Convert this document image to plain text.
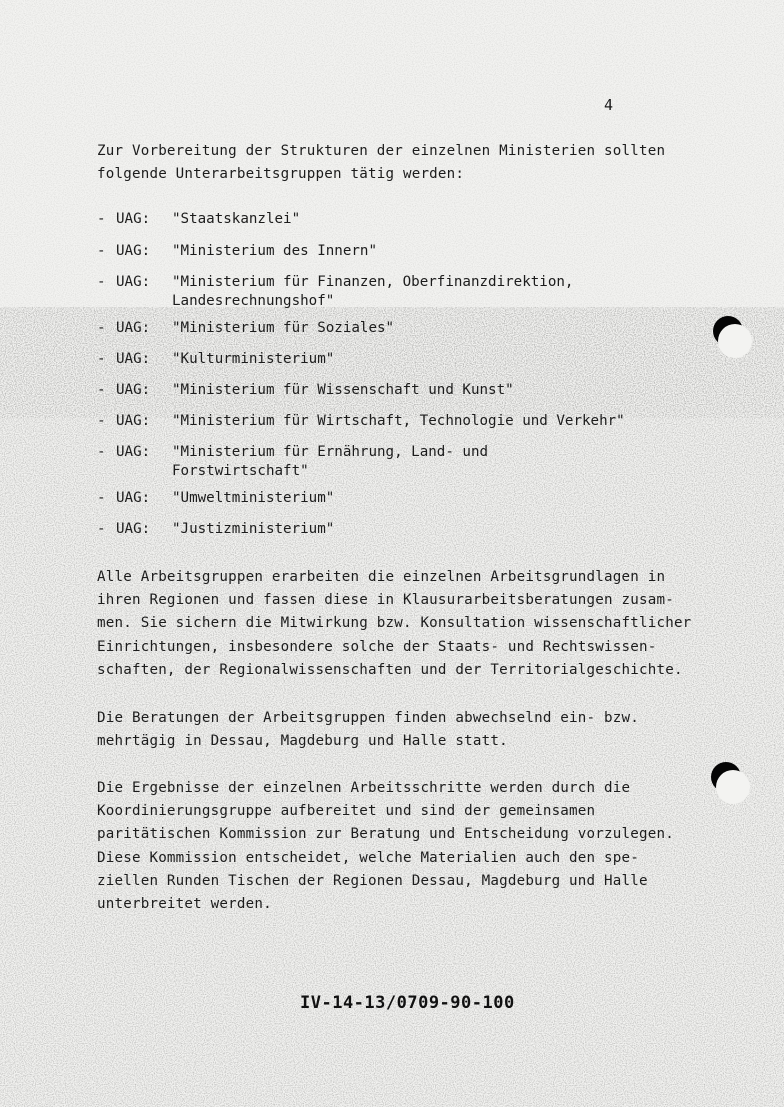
4
Zur Vorbereitung der Strukturen der einzelnen Ministerien sollten
folgende Unterarbeitsgruppen tätig werden:
- UAG: "Staatskanzlei"
- UAG: "Ministerium des Innern"
- UAG: "Ministerium für Finanzen, Oberfinanzdirektion,
Landesrechnungshof"
- UAG: "Ministerium für Soziales"
- UAG: "Kulturministerium"
- UAG: "Ministerium für Wissenschaft und Kunst"
- UAG: "Ministerium für Wirtschaft, Technologie und Verkehr"
- UAG: "Ministerium für Ernährung, Land- und
Forstwirtschaft"
- UAG: "Umweltministerium"
- UAG: "Justizministerium"
Alle Arbeitsgruppen erarbeiten die einzelnen Arbeitsgrundlagen in
ihren Regionen und fassen diese in Klausurarbeitsberatungen zusam-
men. Sie sichern die Mitwirkung bzw. Konsultation wissenschaftlicher
Einrichtungen, insbesondere solche der Staats- und Rechtswissen-
schaften, der Regionalwissenschaften und der Territorialgeschichte.
Die Beratungen der Arbeitsgruppen finden abwechselnd ein- bzw.
mehrtägig in Dessau, Magdeburg und Halle statt.
Die Ergebnisse der einzelnen Arbeitsschritte werden durch die
Koordinierungsgruppe aufbereitet und sind der gemeinsamen
paritätischen Kommission zur Beratung und Entscheidung vorzulegen.
Diese Kommission entscheidet, welche Materialien auch den spe-
ziellen Runden Tischen der Regionen Dessau, Magdeburg und Halle
unterbreitet werden.
IV-14-13/0709-90-100
